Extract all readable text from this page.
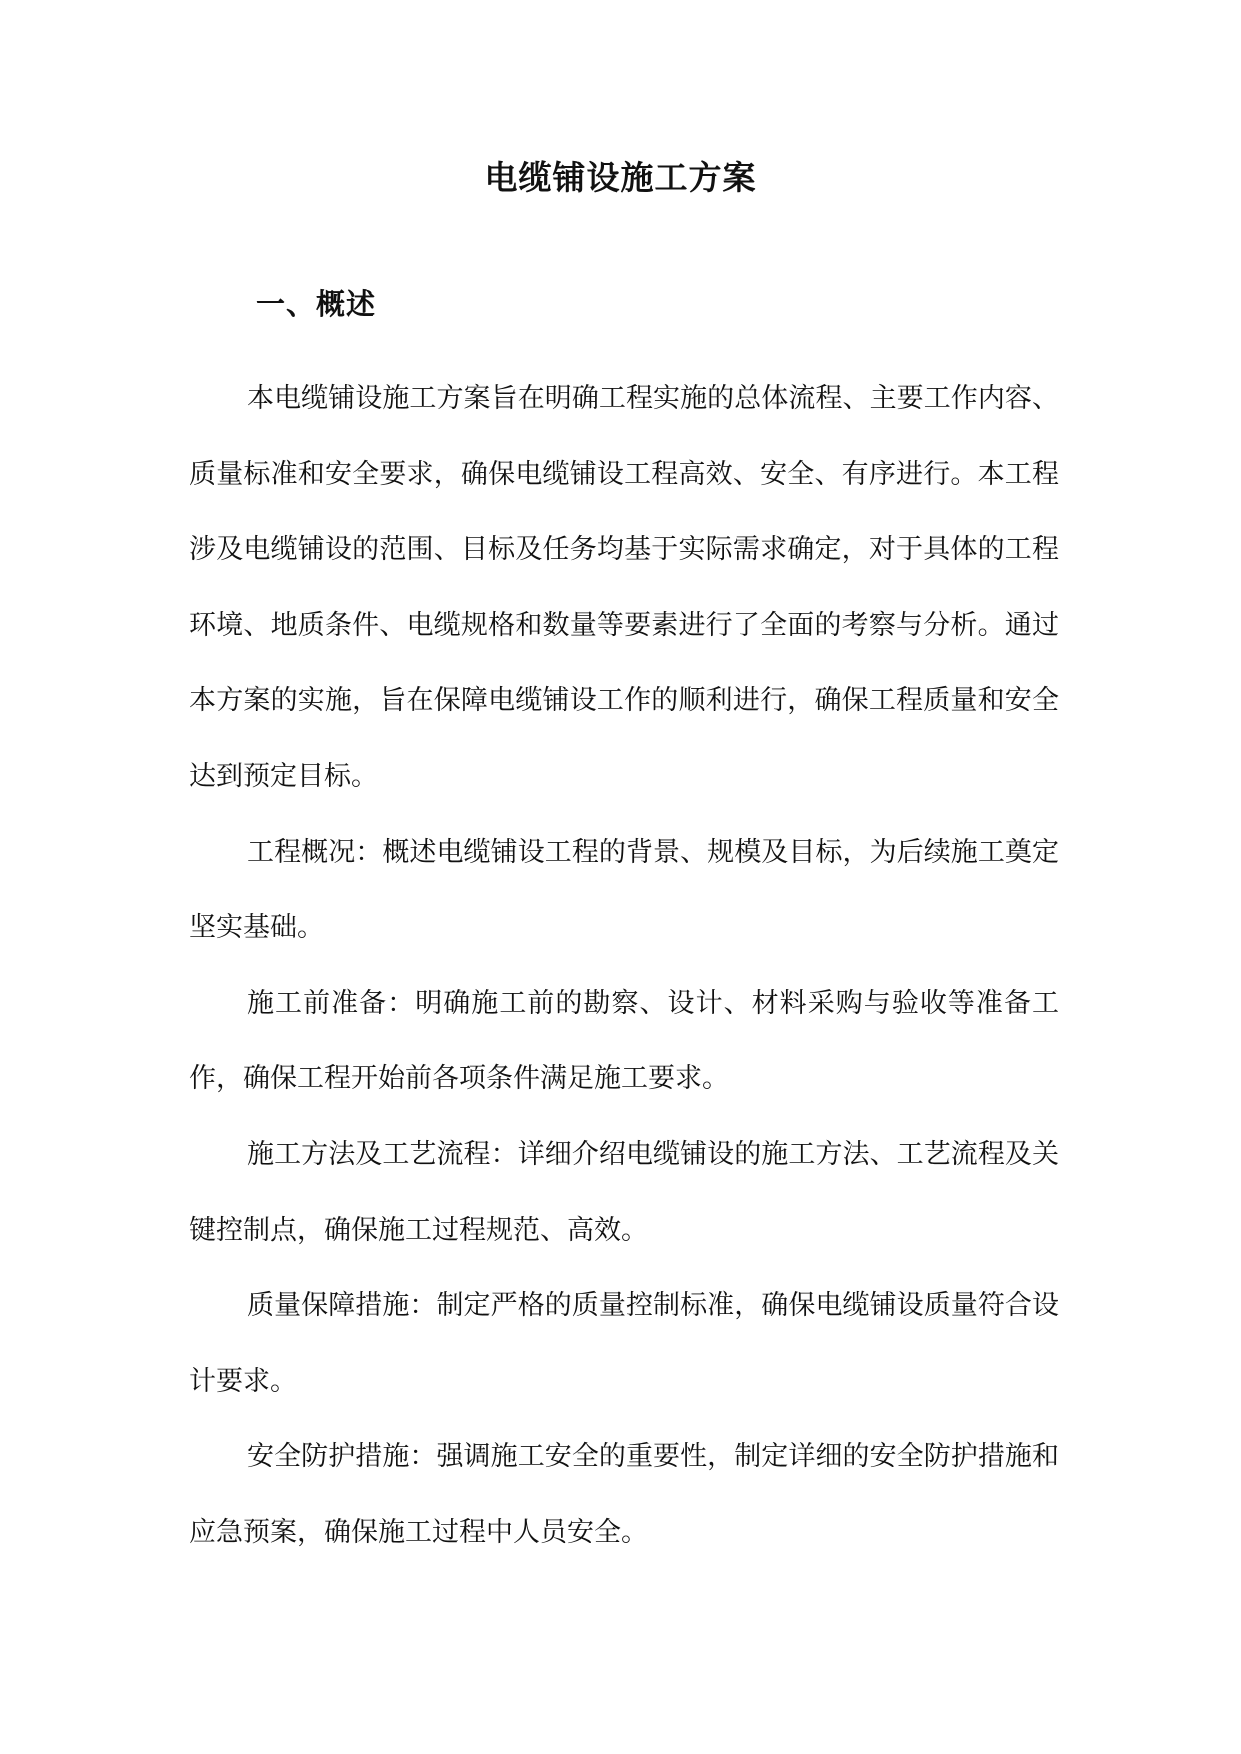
电缆铺设施工方案
一、概述

本电缆铺设施工方案旨在明确工程实施的总体流程、主要工作内容、质量标准和安全要求，确保电缆铺设工程高效、安全、有序进行。本工程涉及电缆铺设的范围、目标及任务均基于实际需求确定，对于具体的工程环境、地质条件、电缆规格和数量等要素进行了全面的考察与分析。通过本方案的实施，旨在保障电缆铺设工作的顺利进行，确保工程质量和安全达到预定目标。

工程概况：概述电缆铺设工程的背景、规模及目标，为后续施工奠定坚实基础。

施工前准备：明确施工前的勘察、设计、材料采购与验收等准备工作，确保工程开始前各项条件满足施工要求。

施工方法及工艺流程：详细介绍电缆铺设的施工方法、工艺流程及关键控制点，确保施工过程规范、高效。

质量保障措施：制定严格的质量控制标准，确保电缆铺设质量符合设计要求。

安全防护措施：强调施工安全的重要性，制定详细的安全防护措施和应急预案，确保施工过程中人员安全。
